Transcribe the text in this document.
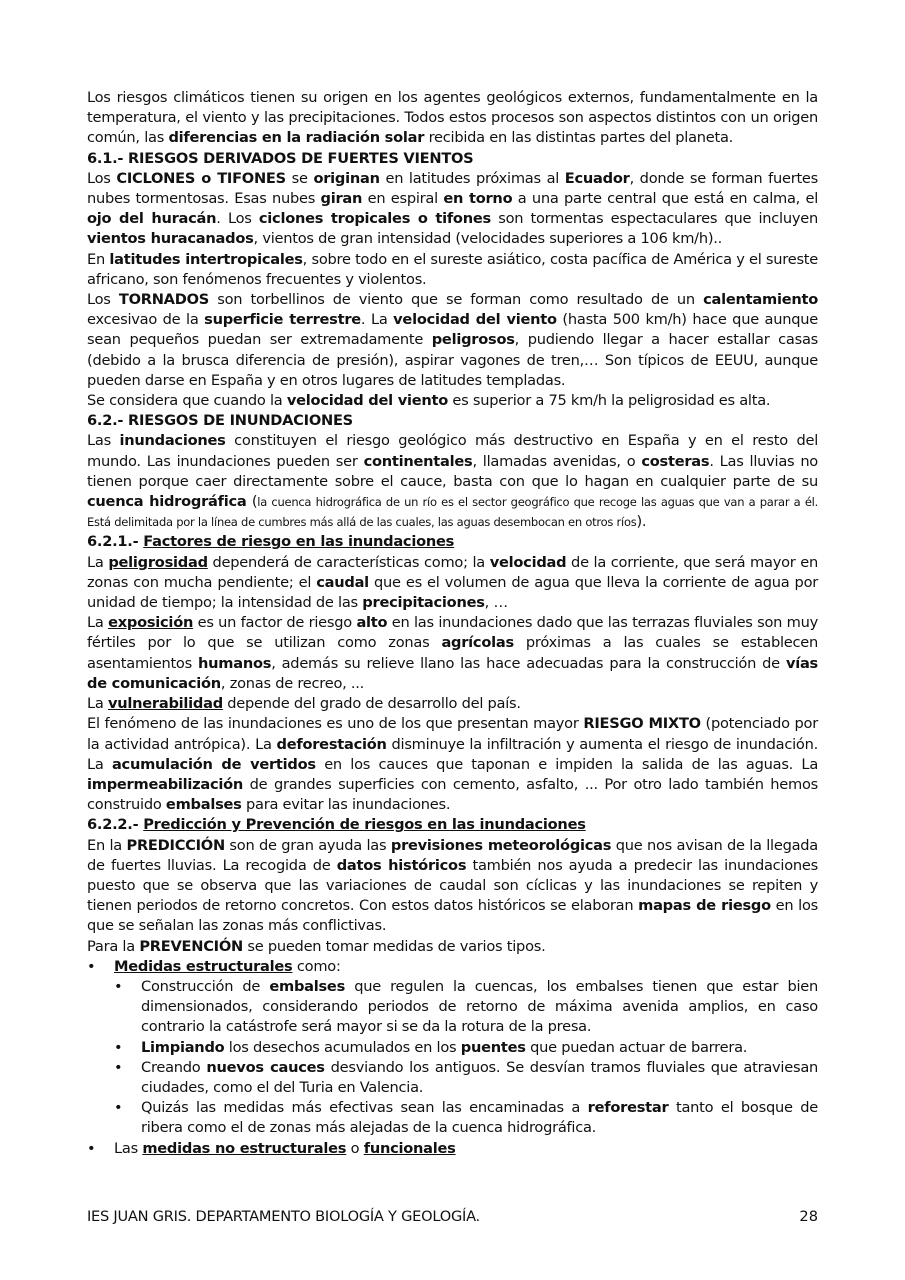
Los riesgos climáticos tienen su origen en los agentes geológicos externos, fundamentalmente en la temperatura, el viento y las precipitaciones. Todos estos procesos son aspectos distintos con un origen común, las diferencias en la radiación solar recibida en las distintas partes del planeta.

6.1.- RIESGOS DERIVADOS DE FUERTES VIENTOS

Los CICLONES o TIFONES se originan en latitudes próximas al Ecuador, donde se forman fuertes nubes tormentosas. Esas nubes giran en espiral en torno a una parte central que está en calma, el ojo del huracán. Los ciclones tropicales o tifones son tormentas espectaculares que incluyen vientos huracanados, vientos de gran intensidad (velocidades superiores a 106 km/h)..

En latitudes intertropicales, sobre todo en el sureste asiático, costa pacífica de América y el sureste africano, son fenómenos frecuentes y violentos.

Los TORNADOS son torbellinos de viento que se forman como resultado de un calentamiento excesivao de la superficie terrestre. La velocidad del viento (hasta 500 km/h) hace que aunque sean pequeños puedan ser extremadamente peligrosos, pudiendo llegar a hacer estallar casas (debido a la brusca diferencia de presión), aspirar vagones de tren,… Son típicos de EEUU, aunque pueden darse en España y en otros lugares de latitudes templadas.

Se considera que cuando la velocidad del viento es superior a 75 km/h la peligrosidad es alta.

6.2.- RIESGOS DE INUNDACIONES

Las inundaciones constituyen el riesgo geológico más destructivo en España y en el resto del mundo. Las inundaciones pueden ser continentales, llamadas avenidas, o costeras. Las lluvias no tienen porque caer directamente sobre el cauce, basta con que lo hagan en cualquier parte de su cuenca hidrográfica (la cuenca hidrográfica de un río es el sector geográfico que recoge las aguas que van a parar a él. Está delimitada por la línea de cumbres más allá de las cuales, las aguas desembocan en otros ríos).

6.2.1.- Factores de riesgo en las inundaciones

La peligrosidad dependerá de características como; la velocidad de la corriente, que será mayor en zonas con mucha pendiente; el caudal que es el volumen de agua que lleva la corriente de agua por unidad de tiempo; la intensidad de las precipitaciones, …

La exposición es un factor de riesgo alto en las inundaciones dado que las terrazas fluviales son muy fértiles por lo que se utilizan como zonas agrícolas próximas a las cuales se establecen asentamientos humanos, además su relieve llano las hace adecuadas para la construcción de vías de comunicación, zonas de recreo, ...

La vulnerabilidad depende del grado de desarrollo del país.

El fenómeno de las inundaciones es uno de los que presentan mayor RIESGO MIXTO (potenciado por la actividad antrópica). La deforestación disminuye la infiltración y aumenta el riesgo de inundación. La acumulación de vertidos en los cauces que taponan e impiden la salida de las aguas. La impermeabilización de grandes superficies con cemento, asfalto, ... Por otro lado también hemos construido embalses para evitar las inundaciones.

6.2.2.- Predicción y Prevención de riesgos en las inundaciones

En la PREDICCIÓN son de gran ayuda las previsiones meteorológicas que nos avisan de la llegada de fuertes lluvias. La recogida de datos históricos también nos ayuda a predecir las inundaciones puesto que se observa que las variaciones de caudal son cíclicas y las inundaciones se repiten y tienen periodos de retorno concretos. Con estos datos históricos se elaboran mapas de riesgo en los que se señalan las zonas más conflictivas.

Para la PREVENCIÓN se pueden tomar medidas de varios tipos.

•	Medidas estructurales como:
•	Construcción de embalses que regulen la cuencas, los embalses tienen que estar bien dimensionados, considerando periodos de retorno de máxima avenida amplios, en caso contrario la catástrofe será mayor si se da la rotura de la presa.
•	Limpiando los desechos acumulados en los puentes que puedan actuar de barrera.
•	Creando nuevos cauces desviando los antiguos. Se desvían tramos fluviales que atraviesan ciudades, como el del Turia en Valencia.
•	Quizás las medidas más efectivas sean las encaminadas a reforestar tanto el bosque de ribera como el de zonas más alejadas de la cuenca hidrográfica.
•	Las medidas no estructurales o funcionales
IES JUAN GRIS. DEPARTAMENTO BIOLOGÍA Y GEOLOGÍA.	28
